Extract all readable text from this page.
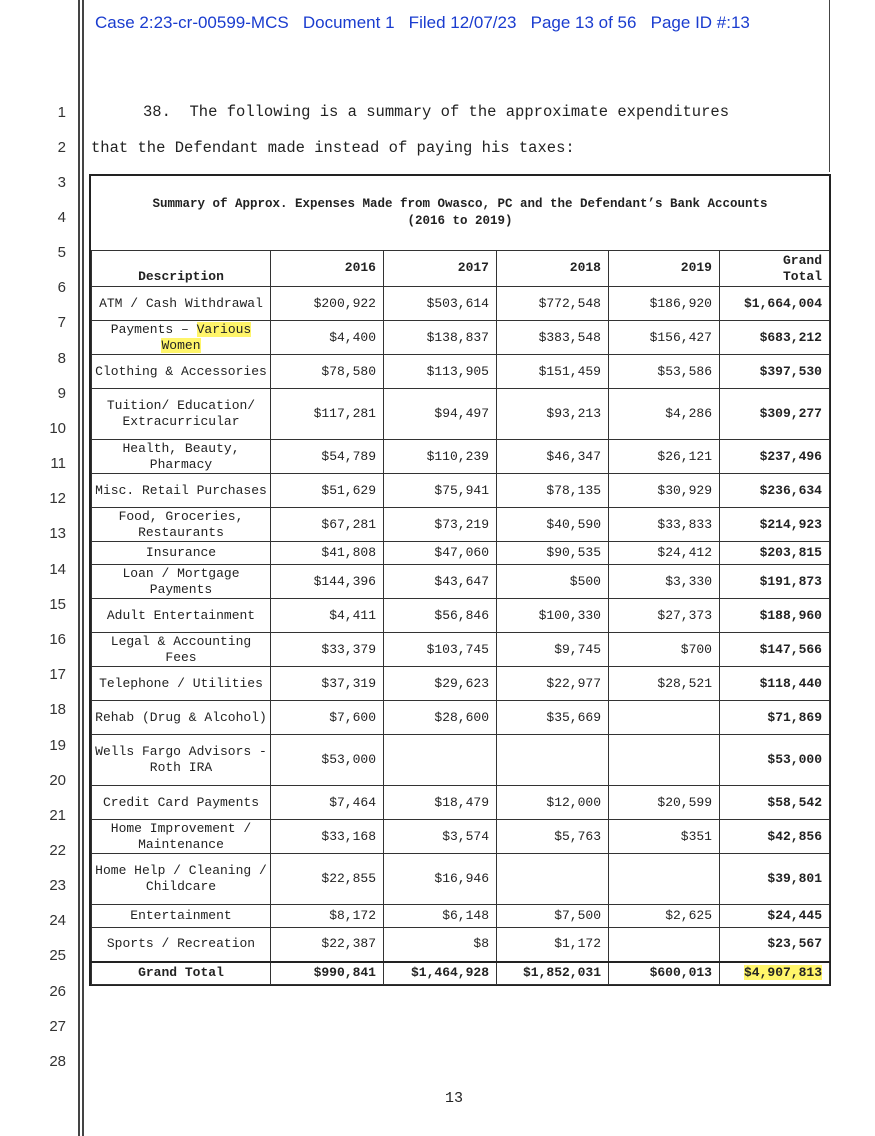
Case 2:23-cr-00599-MCS   Document 1   Filed 12/07/23   Page 13 of 56   Page ID #:13
1
2
3
4
5
6
7
8
9
10
11
12
13
14
15
16
17
18
19
20
21
22
23
24
25
26
27
28
38.  The following is a summary of the approximate expenditures
that the Defendant made instead of paying his taxes:
Summary of Approx. Expenses Made from Owasco, PC and the Defendant’s Bank Accounts
(2016 to 2019)
Description	2016	2017	2018	2019	Grand
Total

ATM / Cash Withdrawal	$200,922	$503,614	$772,548	$186,920	$1,664,004
Payments – Various Women	$4,400	$138,837	$383,548	$156,427	$683,212
Clothing & Accessories	$78,580	$113,905	$151,459	$53,586	$397,530
Tuition/ Education/ Extracurricular	$117,281	$94,497	$93,213	$4,286	$309,277
Health, Beauty, Pharmacy	$54,789	$110,239	$46,347	$26,121	$237,496
Misc. Retail Purchases	$51,629	$75,941	$78,135	$30,929	$236,634
Food, Groceries, Restaurants	$67,281	$73,219	$40,590	$33,833	$214,923
Insurance	$41,808	$47,060	$90,535	$24,412	$203,815
Loan / Mortgage Payments	$144,396	$43,647	$500	$3,330	$191,873
Adult Entertainment	$4,411	$56,846	$100,330	$27,373	$188,960
Legal & Accounting Fees	$33,379	$103,745	$9,745	$700	$147,566
Telephone / Utilities	$37,319	$29,623	$22,977	$28,521	$118,440
Rehab (Drug & Alcohol)	$7,600	$28,600	$35,669		$71,869
Wells Fargo Advisors - Roth IRA	$53,000				$53,000
Credit Card Payments	$7,464	$18,479	$12,000	$20,599	$58,542
Home Improvement / Maintenance	$33,168	$3,574	$5,763	$351	$42,856
Home Help / Cleaning / Childcare	$22,855	$16,946			$39,801
Entertainment	$8,172	$6,148	$7,500	$2,625	$24,445
Sports / Recreation	$22,387	$8	$1,172		$23,567
Grand Total	$990,841	$1,464,928	$1,852,031	$600,013	$4,907,813
13
